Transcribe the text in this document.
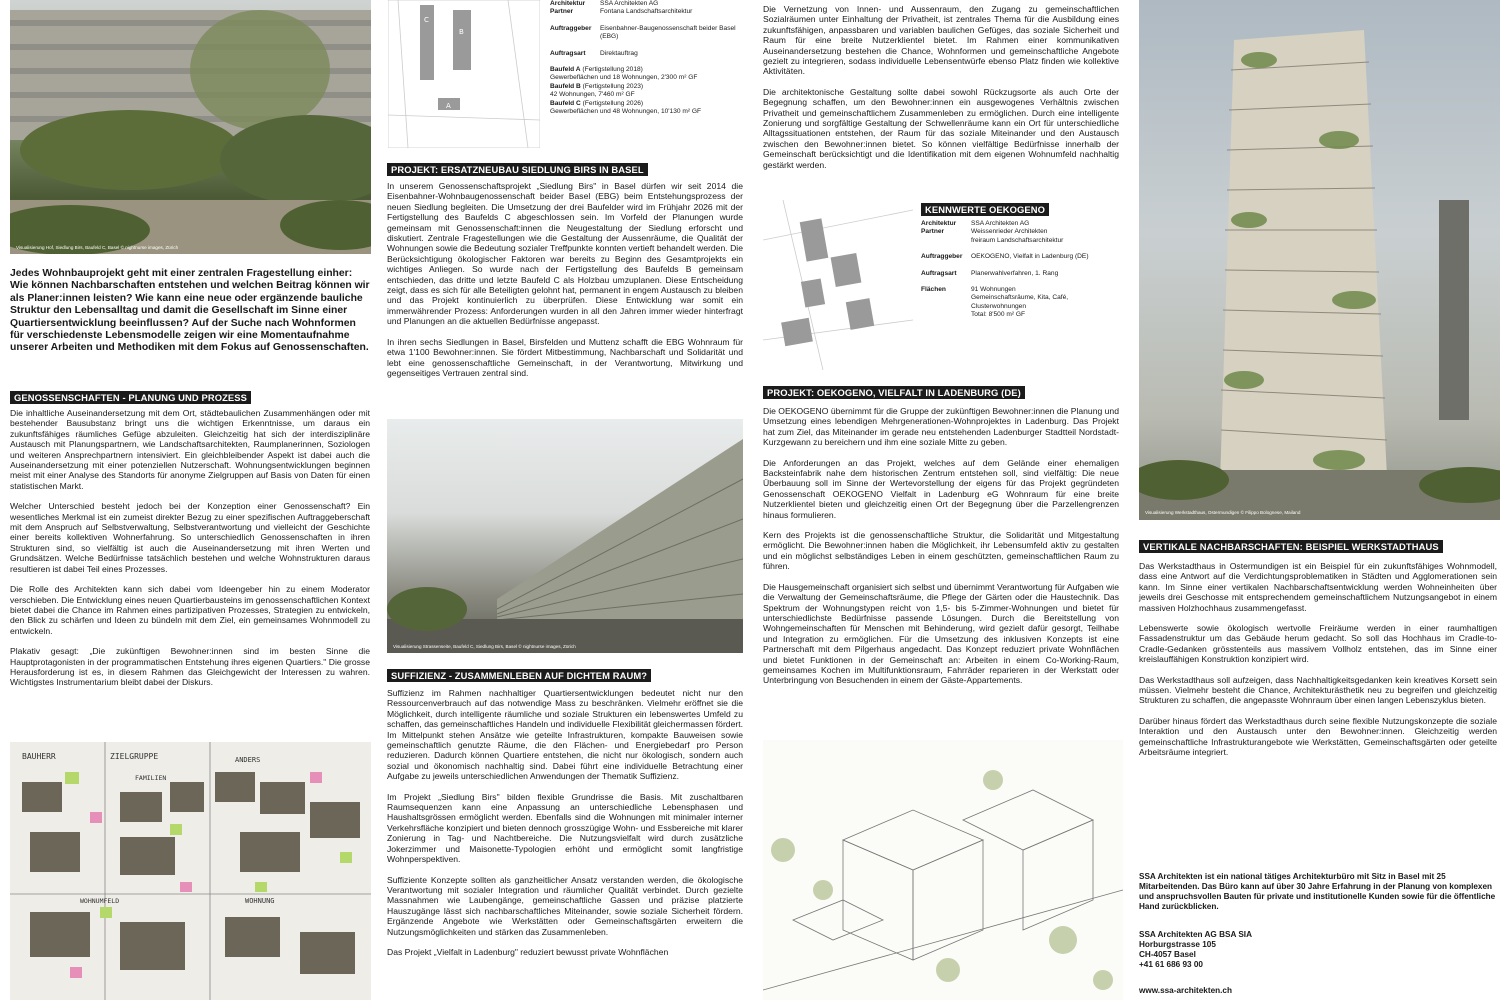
Visualisierung Hof, Siedlung Birs, Baufeld C, Basel © nightnurse images, Zürich
Jedes Wohnbauprojekt geht mit einer zentralen Fragestellung einher: Wie können Nachbarschaften entstehen und welchen Beitrag können wir als Planer:innen leisten? Wie kann eine neue oder ergänzende bauliche Struktur den Lebensalltag und damit die Gesellschaft im Sinne einer Quartiersentwicklung beeinflussen? Auf der Suche nach Wohnformen für verschiedenste Lebensmodelle zeigen wir eine Momentaufnahme unserer Arbeiten und Methodiken mit dem Fokus auf Genossenschaften.
GENOSSENSCHAFTEN - PLANUNG UND PROZESS

Die inhaltliche Auseinandersetzung mit dem Ort, städtebaulichen Zusammenhängen oder mit bestehender Bausubstanz bringt uns die wichtigen Erkenntnisse, um daraus ein zukunftsfähiges räumliches Gefüge abzuleiten. Gleichzeitig hat sich der interdisziplinäre Austausch mit Planungspartnern, wie Landschaftsarchitekten, Raumplanerinnen, Soziologen und weiteren Ansprechpartnern intensiviert. Ein gleichbleibender Aspekt ist dabei auch die Auseinandersetzung mit einer potenziellen Nutzerschaft. Wohnungsentwicklungen beginnen meist mit einer Analyse des Standorts für anonyme Zielgruppen auf Basis von Daten für einen statistischen Markt.

Welcher Unterschied besteht jedoch bei der Konzeption einer Genossenschaft? Ein wesentliches Merkmal ist ein zumeist direkter Bezug zu einer spezifischen Auftraggeberschaft mit dem Anspruch auf Selbstverwaltung, Selbstverantwortung und vielleicht der Geschichte einer bereits kollektiven Wohnerfahrung. So unterschiedlich Genossenschaften in ihren Strukturen sind, so vielfältig ist auch die Auseinandersetzung mit ihren Werten und Grundsätzen. Welche Bedürfnisse tatsächlich bestehen und welche Wohnstrukturen daraus resultieren ist dabei Teil eines Prozesses.

Die Rolle des Architekten kann sich dabei vom Ideengeber hin zu einem Moderator verschieben. Die Entwicklung eines neuen Quartierbausteins im genossenschaftlichen Kontext bietet dabei die Chance im Rahmen eines partizipativen Prozesses, Strategien zu entwickeln, den Blick zu schärfen und Ideen zu bündeln mit dem Ziel, ein gemeinsames Wohnmodell zu entwickeln.

Plakativ gesagt: „Die zukünftigen Bewohner:innen sind im besten Sinne die Hauptprotagonisten in der programmatischen Entstehung ihres eigenen Quartiers." Die grosse Herausforderung ist es, in diesem Rahmen das Gleichgewicht der Interessen zu wahren. Wichtigstes Instrumentarium bleibt dabei der Diskurs.

BAUHERR	ZIELGRUPPE
FAMILIEN
ANDERS
WOHNUMFELD	WOHNUNG
C
B
A
Architektur	SSA Architekten AG
Partner	Fontana Landschaftsarchitektur
Auftraggeber	Eisenbahner-Baugenossenschaft beider Basel (EBG)
Auftragsart	Direktauftrag
Baufeld A (Fertigstellung 2018)
Gewerbeflächen und 18 Wohnungen, 2'300 m² GF
Baufeld B (Fertigstellung 2023)
42 Wohnungen, 7'460 m² GF
Baufeld C (Fertigstellung 2026)
Gewerbeflächen und 48 Wohnungen, 10'130 m² GF
PROJEKT: ERSATZNEUBAU SIEDLUNG BIRS IN BASEL

In unserem Genossenschaftsprojekt „Siedlung Birs" in Basel dürfen wir seit 2014 die Eisenbahner-Wohnbaugenossenschaft beider Basel (EBG) beim Entstehungsprozess der neuen Siedlung begleiten. Die Umsetzung der drei Baufelder wird im Frühjahr 2026 mit der Fertigstellung des Baufelds C abgeschlossen sein. Im Vorfeld der Planungen wurde gemeinsam mit Genossenschaft:innen die Neugestaltung der Siedlung erforscht und diskutiert. Zentrale Fragestellungen wie die Gestaltung der Aussenräume, die Qualität der Wohnungen sowie die Bedeutung sozialer Treffpunkte konnten vertieft behandelt werden. Die Berücksichtigung ökologischer Faktoren war bereits zu Beginn des Gesamtprojekts ein wichtiges Anliegen. So wurde nach der Fertigstellung des Baufelds B gemeinsam entschieden, das dritte und letzte Baufeld C als Holzbau umzuplanen. Diese Entscheidung zeigt, dass es sich für alle Beteiligten gelohnt hat, permanent in engem Austausch zu bleiben und das Projekt kontinuierlich zu überprüfen. Diese Entwicklung war somit ein immerwährender Prozess: Anforderungen wurden in all den Jahren immer wieder hinterfragt und Planungen an die aktuellen Bedürfnisse angepasst.

In ihren sechs Siedlungen in Basel, Birsfelden und Muttenz schafft die EBG Wohnraum für etwa 1'100 Bewohner:innen. Sie fördert Mitbestimmung, Nachbarschaft und Solidarität und lebt eine genossenschaftliche Gemeinschaft, in der Verantwortung, Mitwirkung und gegenseitiges Vertrauen zentral sind.

Visualisierung Strassenseite, Baufeld C, Siedlung Birs, Basel © nightnurse images, Zürich
SUFFIZIENZ - ZUSAMMENLEBEN AUF DICHTEM RAUM?

Suffizienz im Rahmen nachhaltiger Quartiersentwicklungen bedeutet nicht nur den Ressourcenverbrauch auf das notwendige Mass zu beschränken. Vielmehr eröffnet sie die Möglichkeit, durch intelligente räumliche und soziale Strukturen ein lebenswertes Umfeld zu schaffen, das gemeinschaftliches Handeln und individuelle Flexibilität gleichermassen fördert. Im Mittelpunkt stehen Ansätze wie geteilte Infrastrukturen, kompakte Bauweisen sowie gemeinschaftlich genutzte Räume, die den Flächen- und Energiebedarf pro Person reduzieren. Dadurch können Quartiere entstehen, die nicht nur ökologisch, sondern auch sozial und ökonomisch nachhaltig sind. Dabei führt eine individuelle Betrachtung einer Aufgabe zu jeweils unterschiedlichen Anwendungen der Thematik Suffizienz.

Im Projekt „Siedlung Birs" bilden flexible Grundrisse die Basis. Mit zuschaltbaren Raumsequenzen kann eine Anpassung an unterschiedliche Lebensphasen und Haushaltsgrössen ermöglicht werden. Ebenfalls sind die Wohnungen mit minimaler interner Verkehrsfläche konzipiert und bieten dennoch grosszügige Wohn- und Essbereiche mit klarer Zonierung in Tag- und Nachtbereiche. Die Nutzungsvielfalt wird durch zusätzliche Jokerzimmer und Maisonette-Typologien erhöht und ermöglicht somit langfristige Wohnperspektiven.

Suffiziente Konzepte sollten als ganzheitlicher Ansatz verstanden werden, die ökologische Verantwortung mit sozialer Integration und räumlicher Qualität verbindet. Durch gezielte Massnahmen wie Laubengänge, gemeinschaftliche Gassen und präzise platzierte Hauszugänge lässt sich nachbarschaftliches Miteinander, sowie soziale Sicherheit fördern. Ergänzende Angebote wie Werkstätten oder Gemeinschaftsgärten erweitern die Nutzungsmöglichkeiten und stärken das Zusammenleben.

Das Projekt „Vielfalt in Ladenburg" reduziert bewusst private Wohnflächen

Die Vernetzung von Innen- und Aussenraum, den Zugang zu gemeinschaftlichen Sozialräumen unter Einhaltung der Privatheit, ist zentrales Thema für die Ausbildung eines zukunftsfähigen, anpassbaren und variablen baulichen Gefüges, das soziale Sicherheit und Raum für eine breite Nutzerklientel bietet. Im Rahmen einer kommunikativen Auseinandersetzung bestehen die Chance, Wohnformen und gemeinschaftliche Angebote gezielt zu integrieren, sodass individuelle Lebensentwürfe ebenso Platz finden wie kollektive Aktivitäten.

Die architektonische Gestaltung sollte dabei sowohl Rückzugsorte als auch Orte der Begegnung schaffen, um den Bewohner:innen ein ausgewogenes Verhältnis zwischen Privatheit und gemeinschaftlichem Zusammenleben zu ermöglichen. Durch eine intelligente Zonierung und sorgfältige Gestaltung der Schwellenräume kann ein Ort für unterschiedliche Alltagssituationen entstehen, der Raum für das soziale Miteinander und den Austausch zwischen den Bewohner:innen bietet. So können vielfältige Bedürfnisse innerhalb der Gemeinschaft berücksichtigt und die Identifikation mit dem eigenen Wohnumfeld nachhaltig gestärkt werden.

KENNWERTE OEKOGENO
Architektur	SSA Architekten AG
Partner	Weissenrieder Architekten
freiraum Landschaftsarchitektur
Auftraggeber	OEKOGENO, Vielfalt in Ladenburg (DE)
Auftragsart	Planerwahlverfahren, 1. Rang
Flächen	91 Wohnungen
Gemeinschaftsräume, Kita, Café,
Clusterwohnungen
Total: 8'500 m² GF
PROJEKT: OEKOGENO, VIELFALT IN LADENBURG (DE)

Die OEKOGENO übernimmt für die Gruppe der zukünftigen Bewohner:innen die Planung und Umsetzung eines lebendigen Mehrgenerationen-Wohnprojektes in Ladenburg. Das Projekt hat zum Ziel, das Miteinander im gerade neu entstehenden Ladenburger Stadtteil Nordstadt-Kurzgewann zu bereichern und ihm eine soziale Mitte zu geben.

Die Anforderungen an das Projekt, welches auf dem Gelände einer ehemaligen Backsteinfabrik nahe dem historischen Zentrum entstehen soll, sind vielfältig: Die neue Überbauung soll im Sinne der Wertevorstellung der eigens für das Projekt gegründeten Genossenschaft OEKOGENO Vielfalt in Ladenburg eG Wohnraum für eine breite Nutzerklientel bieten und gleichzeitig einen Ort der Begegnung über die Parzellengrenzen hinaus formulieren.

Kern des Projekts ist die genossenschaftliche Struktur, die Solidarität und Mitgestaltung ermöglicht. Die Bewohner:innen haben die Möglichkeit, ihr Lebensumfeld aktiv zu gestalten und ein möglichst selbständiges Leben in einem geschützten, gemeinschaftlichen Raum zu führen.

Die Hausgemeinschaft organisiert sich selbst und übernimmt Verantwortung für Aufgaben wie die Verwaltung der Gemeinschaftsräume, die Pflege der Gärten oder die Haustechnik. Das Spektrum der Wohnungstypen reicht von 1,5- bis 5-Zimmer-Wohnungen und bietet für unterschiedlichste Bedürfnisse passende Lösungen. Durch die Bereitstellung von Wohngemeinschaften für Menschen mit Behinderung, wird gezielt dafür gesorgt, Teilhabe und Integration zu ermöglichen. Für die Umsetzung des inklusiven Konzepts ist eine Partnerschaft mit dem Pilgerhaus angedacht. Das Konzept reduziert private Wohnflächen und bietet Funktionen in der Gemeinschaft an: Arbeiten in einem Co-Working-Raum, gemeinsames Kochen im Multifunktionsraum, Fahrräder reparieren in der Werkstatt oder Unterbringung von Besuchenden in einem der Gäste-Appartements.

Visualisierung Werkstadthaus, Ostermundigen © Filippo Bolognese, Mailand
VERTIKALE NACHBARSCHAFTEN: BEISPIEL WERKSTADTHAUS

Das Werkstadthaus in Ostermundigen ist ein Beispiel für ein zukunftsfähiges Wohnmodell, dass eine Antwort auf die Verdichtungsproblematiken in Städten und Agglomerationen sein kann. Im Sinne einer vertikalen Nachbarschaftsentwicklung werden Wohneinheiten über jeweils drei Geschosse mit entsprechendem gemeinschaftlichem Nutzungsangebot in einem massiven Holzhochhaus zusammengefasst.

Lebenswerte sowie ökologisch wertvolle Freiräume werden in einer raumhaltigen Fassadenstruktur um das Gebäude herum gedacht. So soll das Hochhaus im Cradle-to-Cradle-Gedanken grösstenteils aus massivem Vollholz entstehen, das im Sinne einer kreislauffähigen Konstruktion konzipiert wird.

Das Werkstadthaus soll aufzeigen, dass Nachhaltigkeitsgedanken kein kreatives Korsett sein müssen. Vielmehr besteht die Chance, Architekturästhetik neu zu begreifen und gleichzeitig Strukturen zu schaffen, die angepasste Wohnraum über einen langen Lebenszyklus bieten.

Darüber hinaus fördert das Werkstadthaus durch seine flexible Nutzungskonzepte die soziale Interaktion und den Austausch unter den Bewohner:innen. Gleichzeitig werden gemeinschaftliche Infrastrukturangebote wie Werkstätten, Gemeinschaftsgärten oder geteilte Arbeitsräume integriert.

SSA Architekten ist ein national tätiges Architekturbüro mit Sitz in Basel mit 25 Mitarbeitenden. Das Büro kann auf über 30 Jahre Erfahrung in der Planung von komplexen und anspruchsvollen Bauten für private und institutionelle Kunden sowie für die öffentliche Hand zurückblicken.
SSA Architekten AG BSA SIA
Horburgstrasse 105
CH-4057 Basel
+41 61 686 93 00
www.ssa-architekten.ch
